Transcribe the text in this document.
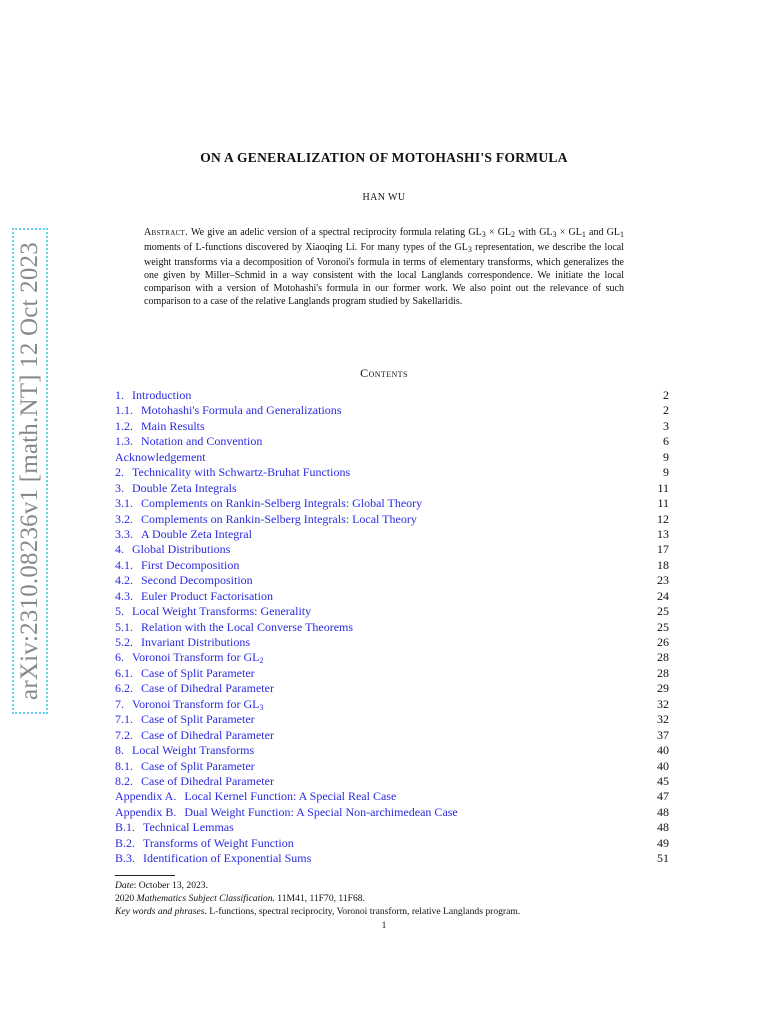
arXiv:2310.08236v1 [math.NT] 12 Oct 2023
ON A GENERALIZATION OF MOTOHASHI'S FORMULA
HAN WU
Abstract. We give an adelic version of a spectral reciprocity formula relating $GL_3 \times GL_2$ with $GL_3 \times GL_1$ and $GL_1$ moments of L-functions discovered by Xiaoqing Li. For many types of the $GL_3$ representation, we describe the local weight transforms via a decomposition of Voronoi's formula in terms of elementary transforms, which generalizes the one given by Miller–Schmid in a way consistent with the local Langlands correspondence. We initiate the local comparison with a version of Motohashi's formula in our former work. We also point out the relevance of such comparison to a case of the relative Langlands program studied by Sakellaridis.
Contents
1. Introduction	2
1.1. Motohashi's Formula and Generalizations	2
1.2. Main Results	3
1.3. Notation and Convention	6
Acknowledgement	9
2. Technicality with Schwartz-Bruhat Functions	9
3. Double Zeta Integrals	11
3.1. Complements on Rankin-Selberg Integrals: Global Theory	11
3.2. Complements on Rankin-Selberg Integrals: Local Theory	12
3.3. A Double Zeta Integral	13
4. Global Distributions	17
4.1. First Decomposition	18
4.2. Second Decomposition	23
4.3. Euler Product Factorisation	24
5. Local Weight Transforms: Generality	25
5.1. Relation with the Local Converse Theorems	25
5.2. Invariant Distributions	26
6. Voronoi Transform for $GL_2$	28
6.1. Case of Split Parameter	28
6.2. Case of Dihedral Parameter	29
7. Voronoi Transform for $GL_3$	32
7.1. Case of Split Parameter	32
7.2. Case of Dihedral Parameter	37
8. Local Weight Transforms	40
8.1. Case of Split Parameter	40
8.2. Case of Dihedral Parameter	45
Appendix A. Local Kernel Function: A Special Real Case	47
Appendix B. Dual Weight Function: A Special Non-archimedean Case	48
B.1. Technical Lemmas	48
B.2. Transforms of Weight Function	49
B.3. Identification of Exponential Sums	51
Date: October 13, 2023.
2020 Mathematics Subject Classification. 11M41, 11F70, 11F68.
Key words and phrases. L-functions, spectral reciprocity, Voronoi transform, relative Langlands program.
1
